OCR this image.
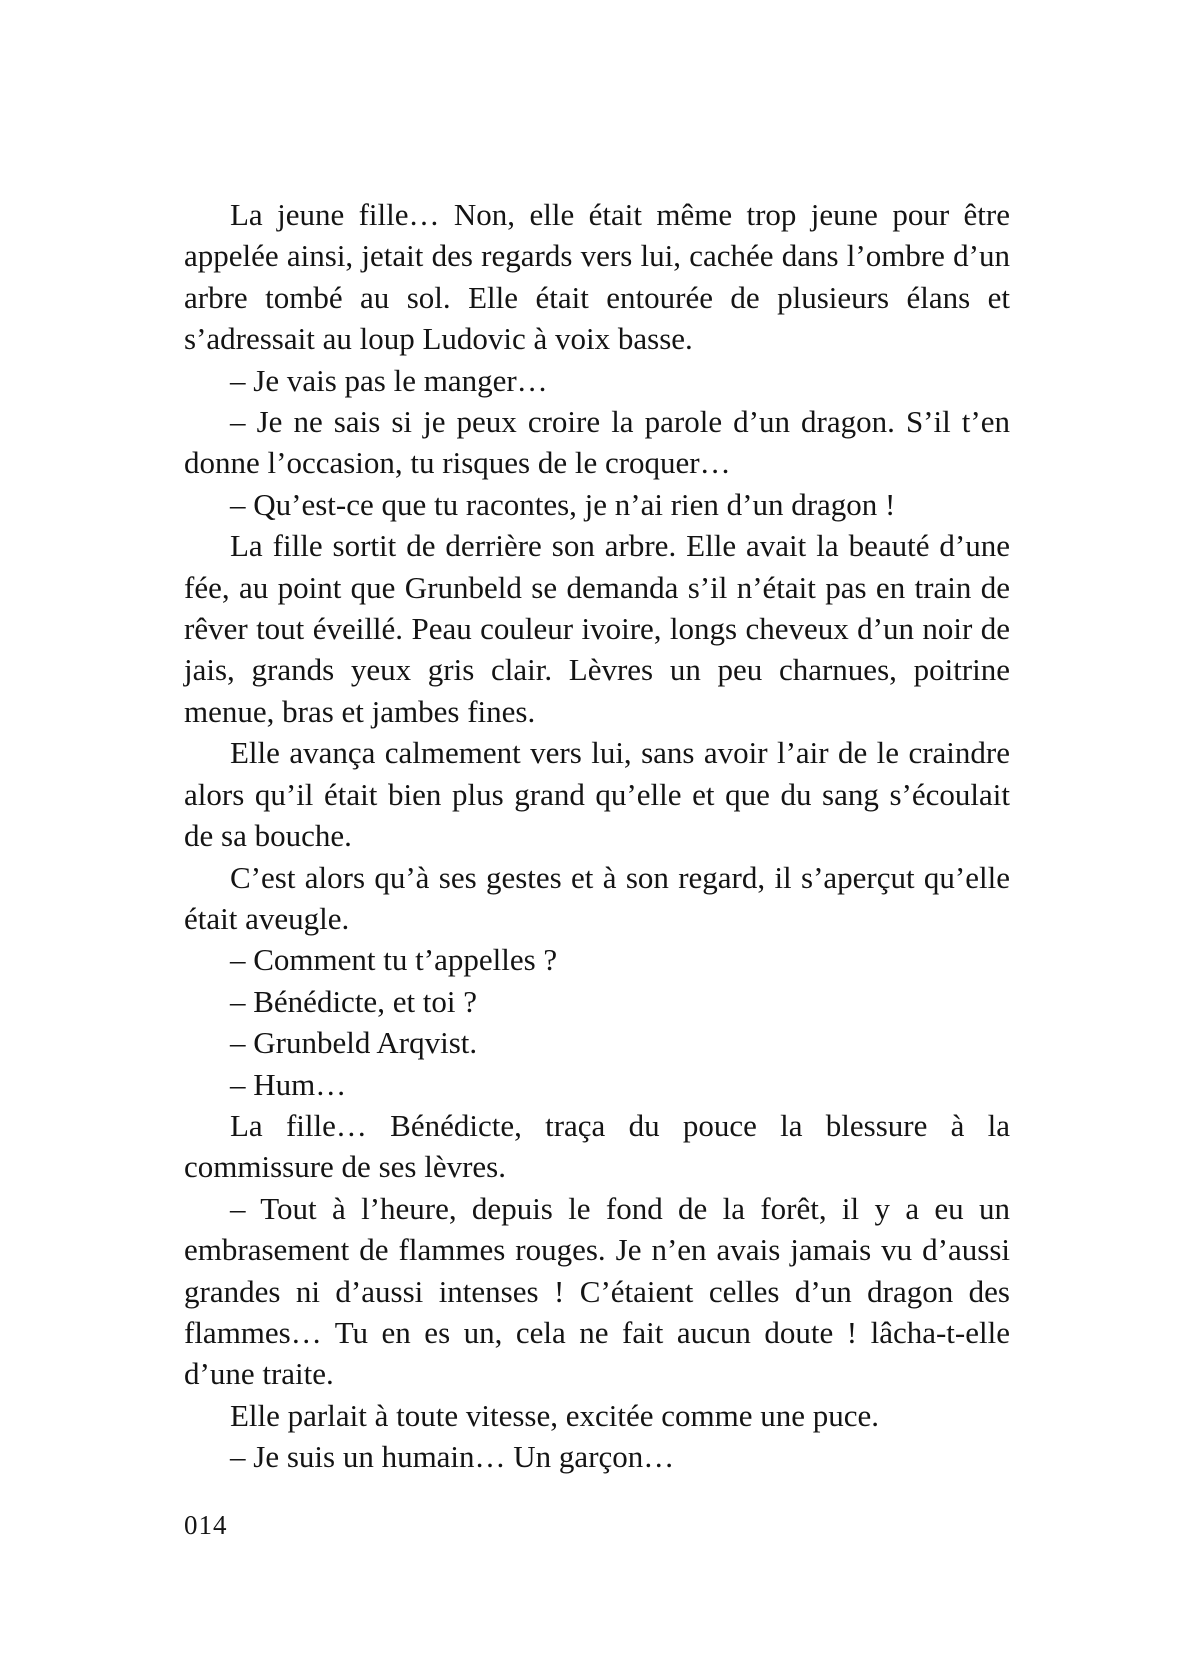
La jeune fille… Non, elle était même trop jeune pour être appelée ainsi, jetait des regards vers lui, cachée dans l’ombre d’un arbre tombé au sol. Elle était entourée de plusieurs élans et s’adressait au loup Ludovic à voix basse.

– Je vais pas le manger…

– Je ne sais si je peux croire la parole d’un dragon. S’il t’en donne l’occasion, tu risques de le croquer…

– Qu’est-ce que tu racontes, je n’ai rien d’un dragon !

La fille sortit de derrière son arbre. Elle avait la beauté d’une fée, au point que Grunbeld se demanda s’il n’était pas en train de rêver tout éveillé. Peau couleur ivoire, longs cheveux d’un noir de jais, grands yeux gris clair. Lèvres un peu charnues, poitrine menue, bras et jambes fines.

Elle avança calmement vers lui, sans avoir l’air de le craindre alors qu’il était bien plus grand qu’elle et que du sang s’écoulait de sa bouche.

C’est alors qu’à ses gestes et à son regard, il s’aperçut qu’elle était aveugle.

– Comment tu t’appelles ?

– Bénédicte, et toi ?

– Grunbeld Arqvist.

– Hum…

La fille… Bénédicte, traça du pouce la blessure à la commissure de ses lèvres.

– Tout à l’heure, depuis le fond de la forêt, il y a eu un embrasement de flammes rouges. Je n’en avais jamais vu d’aussi grandes ni d’aussi intenses ! C’étaient celles d’un dragon des flammes… Tu en es un, cela ne fait aucun doute ! lâcha-t-elle d’une traite.

Elle parlait à toute vitesse, excitée comme une puce.

– Je suis un humain… Un garçon…

014
